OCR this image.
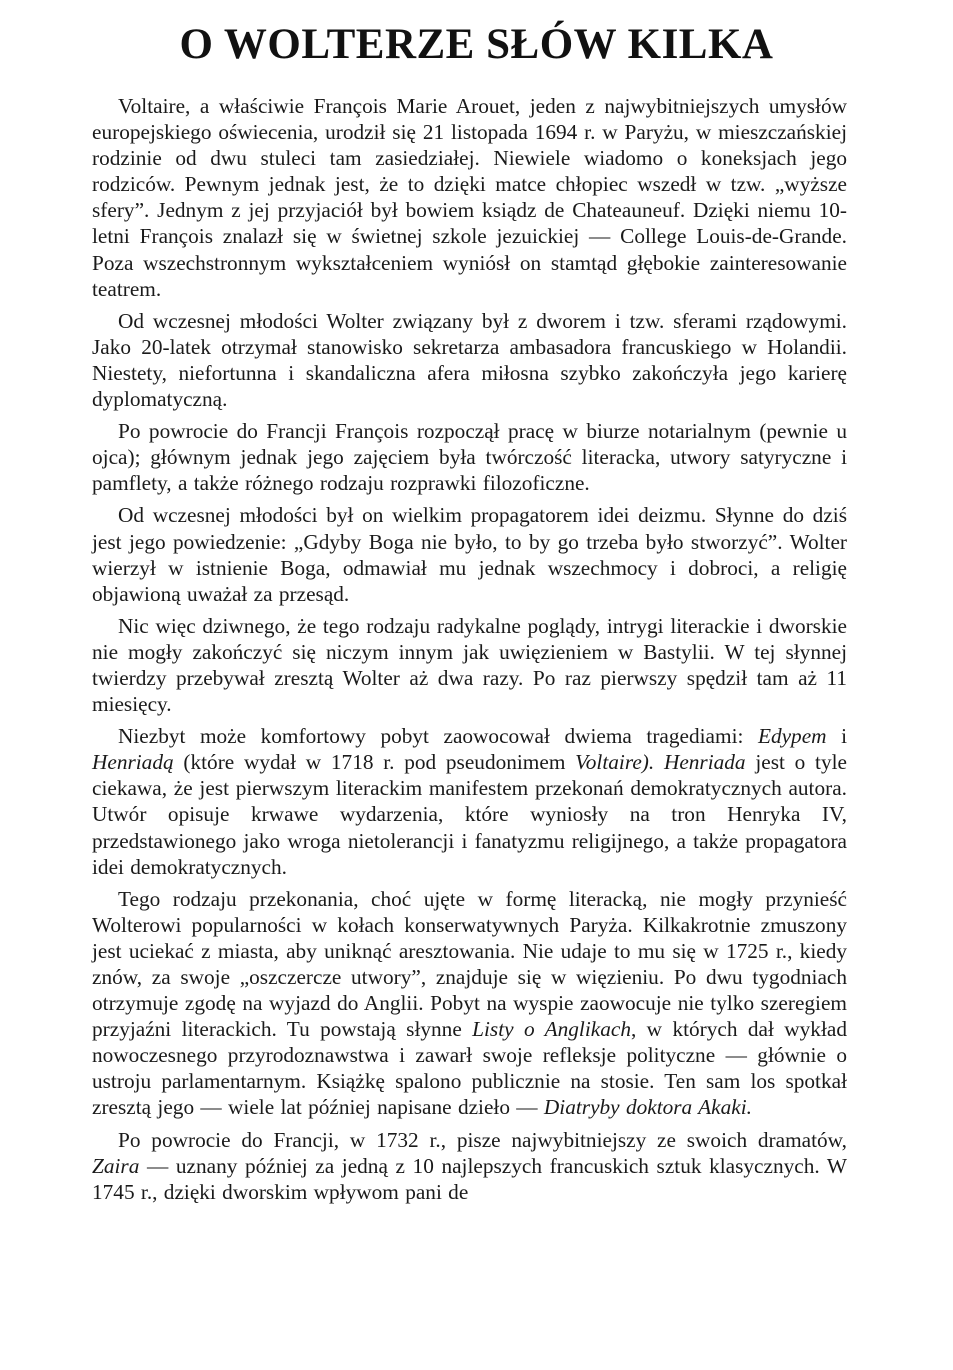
O WOLTERZE SŁÓW KILKA

Voltaire, a właściwie François Marie Arouet, jeden z najwybitniejszych umysłów europejskiego oświecenia, urodził się 21 listopada 1694 r. w Paryżu, w mieszczańskiej rodzinie od dwu stuleci tam zasiedziałej. Niewiele wiadomo o koneksjach jego rodziców. Pewnym jednak jest, że to dzięki matce chłopiec wszedł w tzw. „wyższe sfery”. Jednym z jej przyjaciół był bowiem ksiądz de Chateauneuf. Dzięki niemu 10-letni François znalazł się w świetnej szkole jezuickiej — College Louis-de-Grande. Poza wszechstronnym wykształceniem wyniósł on stamtąd głębokie zainteresowanie teatrem.

Od wczesnej młodości Wolter związany był z dworem i tzw. sferami rządowymi. Jako 20-latek otrzymał stanowisko sekretarza ambasadora francuskiego w Holandii. Niestety, niefortunna i skandaliczna afera miłosna szybko zakończyła jego karierę dyplomatyczną.

Po powrocie do Francji François rozpoczął pracę w biurze notarialnym (pewnie u ojca); głównym jednak jego zajęciem była twórczość literacka, utwory satyryczne i pamflety, a także różnego rodzaju rozprawki filozoficzne.

Od wczesnej młodości był on wielkim propagatorem idei deizmu. Słynne do dziś jest jego powiedzenie: „Gdyby Boga nie było, to by go trzeba było stworzyć”. Wolter wierzył w istnienie Boga, odmawiał mu jednak wszechmocy i dobroci, a religię objawioną uważał za przesąd.

Nic więc dziwnego, że tego rodzaju radykalne poglądy, intrygi literackie i dworskie nie mogły zakończyć się niczym innym jak uwięzieniem w Bastylii. W tej słynnej twierdzy przebywał zresztą Wolter aż dwa razy. Po raz pierwszy spędził tam aż 11 miesięcy.

Niezbyt może komfortowy pobyt zaowocował dwiema tragediami: Edypem i Henriadą (które wydał w 1718 r. pod pseudonimem Voltaire). Henriada jest o tyle ciekawa, że jest pierwszym literackim manifestem przekonań demokratycznych autora. Utwór opisuje krwawe wydarzenia, które wyniosły na tron Henryka IV, przedstawionego jako wroga nietolerancji i fanatyzmu religijnego, a także propagatora idei demokratycznych.

Tego rodzaju przekonania, choć ujęte w formę literacką, nie mogły przynieść Wolterowi popularności w kołach konserwatywnych Paryża. Kilkakrotnie zmuszony jest uciekać z miasta, aby uniknąć aresztowania. Nie udaje to mu się w 1725 r., kiedy znów, za swoje „oszczercze utwory”, znajduje się w więzieniu. Po dwu tygodniach otrzymuje zgodę na wyjazd do Anglii. Pobyt na wyspie zaowocuje nie tylko szeregiem przyjaźni literackich. Tu powstają słynne Listy o Anglikach, w których dał wykład nowoczesnego przyrodoznawstwa i zawarł swoje refleksje polityczne — głównie o ustroju parlamentarnym. Książkę spalono publicznie na stosie. Ten sam los spotkał zresztą jego — wiele lat później napisane dzieło — Diatryby doktora Akaki.

Po powrocie do Francji, w 1732 r., pisze najwybitniejszy ze swoich dramatów, Zaira — uznany później za jedną z 10 najlepszych francuskich sztuk klasycznych. W 1745 r., dzięki dworskim wpływom pani de
